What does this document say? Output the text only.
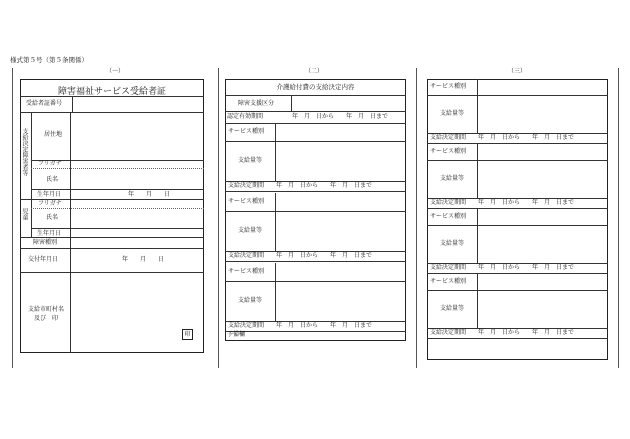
様式第５号（第５条関係）
（一）	（二）	（三）
障害福祉サービス受給者証
受給者証番号
支給決定障害者等	居住地
フリガナ
氏名
生年月日	年　　月　　日
児童
フリガナ
氏名
生年月日
障害種別
交付年月日	年　　月　　日
支給市町村名
及び　印
印
介護給付費の支給決定内容
障害支援区分
認定有効期間	年　月　日から　　年　月　日まで
サービス種別
支給量等
支給決定期間 年　月　日から　　年　月　日まで
サービス種別
支給量等
支給決定期間 年　月　日から　　年　月　日まで
サービス種別
支給量等
支給決定期間 年　月　日から　　年　月　日まで
予備欄
サービス種別
支給量等
支給決定期間 年　月　日から　　年　月　日まで
サービス種別
支給量等
支給決定期間 年　月　日から　　年　月　日まで
サービス種別
支給量等
支給決定期間 年　月　日から　　年　月　日まで
サービス種別
支給量等
支給決定期間 年　月　日から　　年　月　日まで
